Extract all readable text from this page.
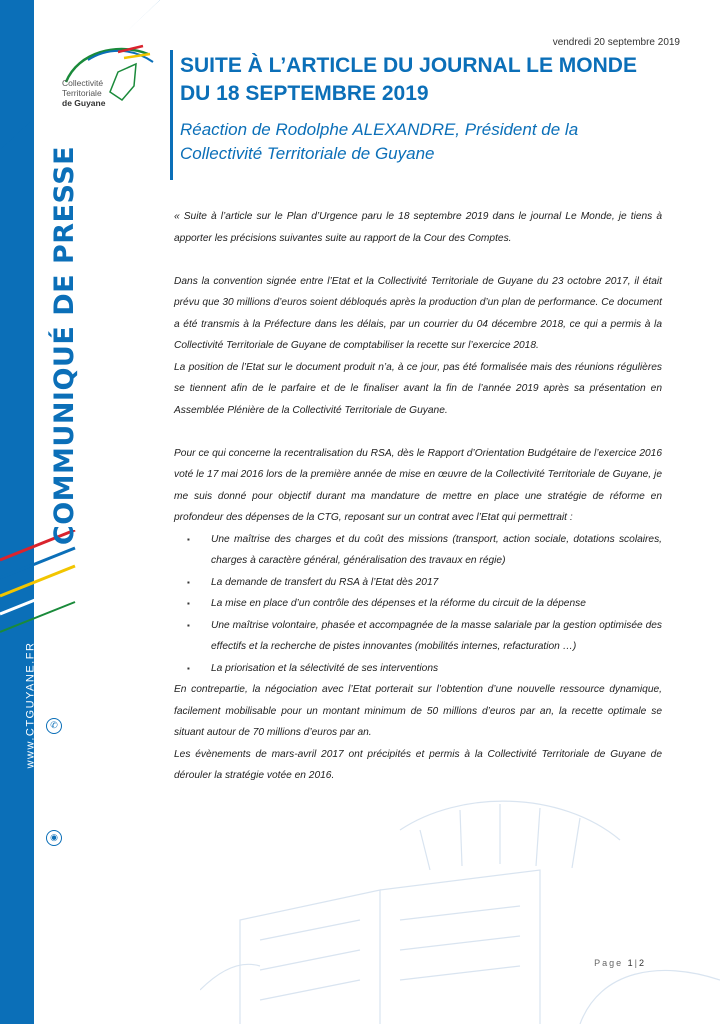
COMMUNIQUÉ DE PRESSE
www.CTGUYANE.FR	✆
◉
◀
Collectivité
Territoriale
de Guyane
vendredi 20 septembre 2019
SUITE À L’ARTICLE DU JOURNAL LE MONDE
DU 18 SEPTEMBRE 2019
Réaction de Rodolphe ALEXANDRE, Président de la
Collectivité Territoriale de Guyane

« Suite à l’article sur le Plan d’Urgence paru le 18 septembre 2019 dans le journal Le Monde, je tiens à apporter les précisions suivantes suite au rapport de la Cour des Comptes.

Dans la convention signée entre l’Etat et la Collectivité Territoriale de Guyane du 23 octobre 2017, il était prévu que 30 millions d’euros soient débloqués après la production d’un plan de performance. Ce document a été transmis à la Préfecture dans les délais, par un courrier du 04 décembre 2018, ce qui a permis à la Collectivité Territoriale de Guyane de comptabiliser la recette sur l’exercice 2018.

La position de l’Etat sur le document produit n’a, à ce jour, pas été formalisée mais des réunions régulières se tiennent afin de le parfaire et de le finaliser avant la fin de l’année 2019 après sa présentation en Assemblée Plénière de la Collectivité Territoriale de Guyane.

Pour ce qui concerne la recentralisation du RSA, dès le Rapport d’Orientation Budgétaire de l’exercice 2016 voté le 17 mai 2016 lors de la première année de mise en œuvre de la Collectivité Territoriale de Guyane, je me suis donné pour objectif durant ma mandature de mettre en place une stratégie de réforme en profondeur des dépenses de la CTG, reposant sur un contrat avec l’Etat qui permettrait :

▪ Une maîtrise des charges et du coût des missions (transport, action sociale, dotations scolaires, charges à caractère général, généralisation des travaux en régie)
▪ La demande de transfert du RSA à l’Etat dès 2017
▪ La mise en place d’un contrôle des dépenses et la réforme du circuit de la dépense
▪ Une maîtrise volontaire, phasée et accompagnée de la masse salariale par la gestion optimisée des effectifs et la recherche de pistes innovantes (mobilités internes, refacturation …)
▪ La priorisation et la sélectivité de ses interventions

En contrepartie, la négociation avec l’Etat porterait sur l’obtention d’une nouvelle ressource dynamique, facilement mobilisable pour un montant minimum de 50 millions d’euros par an, la recette optimale se situant autour de 70 millions d’euros par an.

Les évènements de mars-avril 2017 ont précipités et permis à la Collectivité Territoriale de Guyane de dérouler la stratégie votée en 2016.

Page 1|2
